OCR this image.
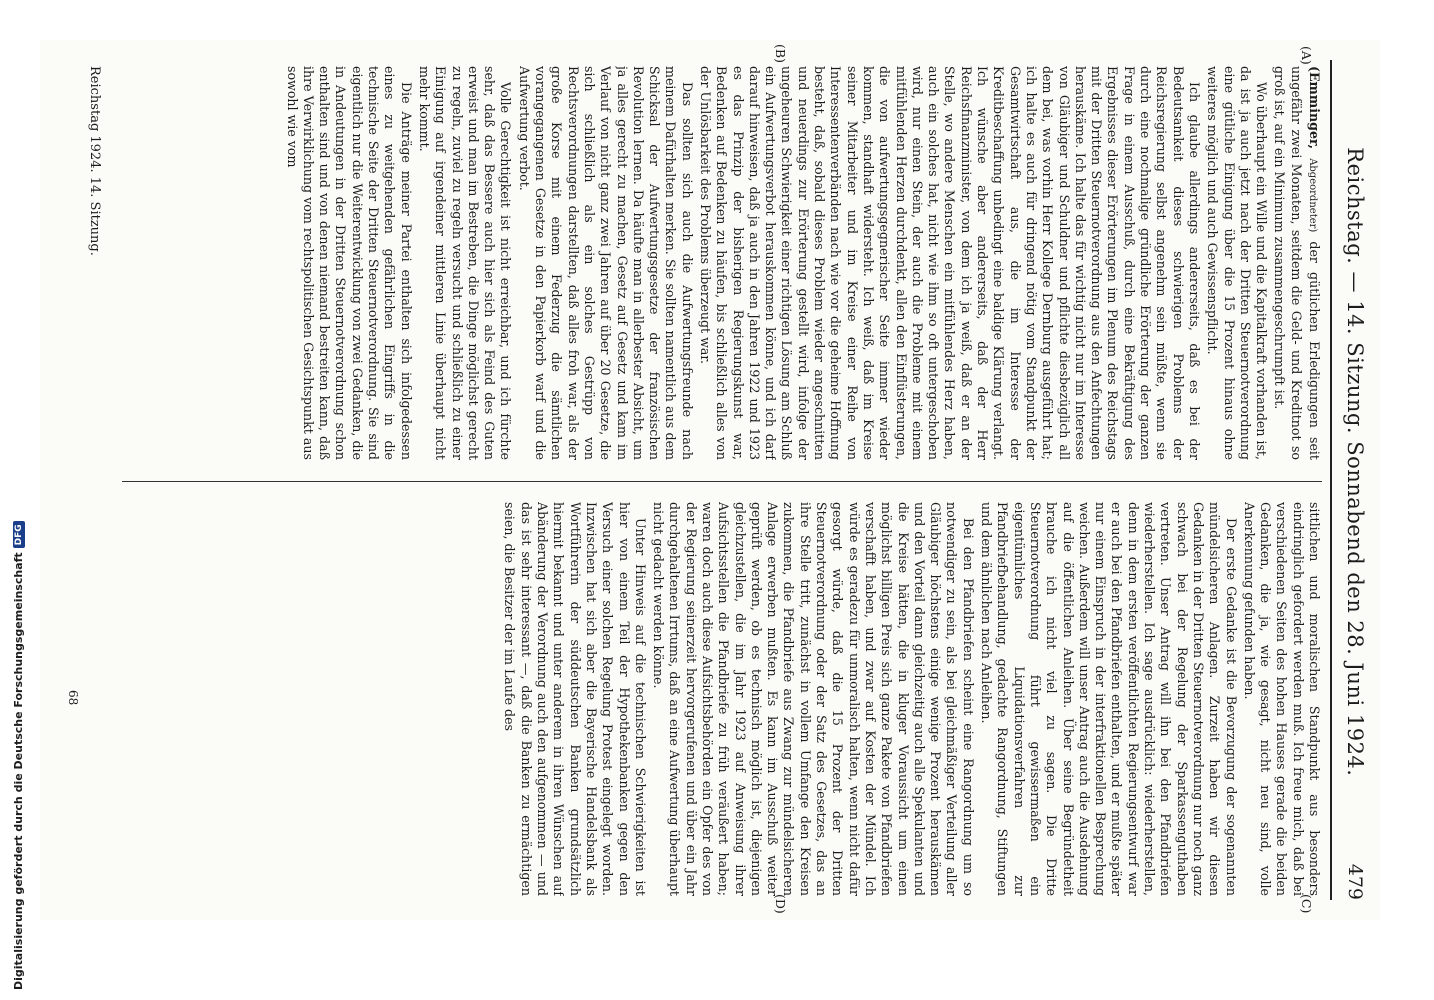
Reichstag. — 14. Sitzung. Sonnabend den 28. Juni 1924.
479
(A)
(B)
(C)
(D)

(Emminger, Abgeordneter) der gütlichen Erledigungen seit ungefähr zwei Monaten, seitdem die Geld- und Kreditnot so groß ist, auf ein Minimum zusammengeschrumpft ist.

Wo überhaupt ein Wille und die Kapitalkraft vorhanden ist, da ist ja auch jetzt nach der Dritten Steuernotverordnung eine gütliche Einigung über die 15 Prozent hinaus ohne weiteres möglich und auch Gewissenspflicht.

Ich glaube allerdings andererseits, daß es bei der Bedeutsamkeit dieses schwierigen Problems der Reichsregierung selbst angenehm sein müßte, wenn sie durch eine nochmalige gründliche Erörterung der ganzen Frage in einem Ausschuß, durch eine Bekräftigung des Ergebnisses dieser Erörterungen im Plenum des Reichstags mit der Dritten Steuernotverordnung aus den Anfechtungen herauskäme. Ich halte das für wichtig nicht nur im Interesse von Gläubiger und Schuldner und pflichte diesbezüglich all dem bei, was vorhin Herr Kollege Dernburg ausgeführt hat; ich halte es auch für dringend nötig vom Standpunkt der Gesamtwirtschaft aus, die im Interesse der Kreditbeschaffung unbedingt eine baldige Klärung verlangt. Ich wünsche aber andererseits, daß der Herr Reichsfinanzminister, von dem ich ja weiß, daß er an der Stelle, wo andere Menschen ein mitfühlendes Herz haben, auch ein solches hat, nicht wie ihm so oft untergeschoben wird, nur einen Stein, der auch die Probleme mit einem mitfühlenden Herzen durchdenkt, allen den Einflüsterungen, die von aufwertungsgegnerischer Seite immer wieder kommen, standhaft widersteht. Ich weiß, daß im Kreise seiner Mitarbeiter und im Kreise einer Reihe von Interessentenverbänden nach wie vor die geheime Hoffnung besteht, daß, sobald dieses Problem wieder angeschnitten und neuerdings zur Erörterung gestellt wird, infolge der ungeheuren Schwierigkeit einer richtigen Lösung am Schluß ein Aufwertungsverbot herauskommen könne, und ich darf darauf hinweisen, daß ja auch in den Jahren 1922 und 1923 es das Prinzip der bisherigen Regierungskunst war, Bedenken auf Bedenken zu häufen, bis schließlich alles von der Unlösbarkeit des Problems überzeugt war.

Das sollten sich auch die Aufwertungsfreunde nach meinem Dafürhalten merken. Sie sollten namentlich aus dem Schicksal der Aufwertungsgesetze der französischen Revolution lernen. Da häufte man in allerbester Absicht, um ja alles gerecht zu machen, Gesetz auf Gesetz und kam im Verlauf von nicht ganz zwei Jahren auf über 20 Gesetze, die sich schließlich als ein solches Gestrüpp von Rechtsverordnungen darstellten, daß alles froh war, als der große Korse mit einem Federzug die sämtlichen vorangegangenen Gesetze in den Papierkorb warf und die Aufwertung verbot.

Volle Gerechtigkeit ist nicht erreichbar, und ich fürchte sehr, daß das Bessere auch hier sich als Feind des Guten erweist und man im Bestreben, die Dinge möglichst gerecht zu regeln, zuviel zu regeln versucht und schließlich zu einer Einigung auf irgendeiner mittleren Linie überhaupt nicht mehr kommt.

Die Anträge meiner Partei enthalten sich infolgedessen eines zu weitgehenden gefährlichen Eingriffs in die technische Seite der Dritten Steuernotverordnung. Sie sind eigentlich nur die Weiterentwicklung von zwei Gedanken, die in Andeutungen in der Dritten Steuernotverordnung schon enthalten sind und von denen niemand bestreiten kann, daß ihre Verwirklichung vom rechtspolitischen Gesichtspunkt aus sowohl wie vom

sittlichen und moralischen Standpunkt aus besonders eindringlich gefordert werden muß. Ich freue mich, daß bei verschiedenen Seiten des hohen Hauses gerade die beiden Gedanken, die ja, wie gesagt, nicht neu sind, volle Anerkennung gefunden haben.

Der erste Gedanke ist die Bevorzugung der sogenannten mündelsicheren Anlagen. Zurzeit haben wir diesen Gedanken in der Dritten Steuernotverordnung nur noch ganz schwach bei der Regelung der Sparkassenguthaben vertreten. Unser Antrag will ihn bei den Pfandbriefen wiederherstellen. Ich sage ausdrücklich: wiederherstellen, denn in dem ersten veröffentlichten Regierungsentwurf war er auch bei den Pfandbriefen enthalten, und er mußte später nur einem Einspruch in der interfraktionellen Besprechung weichen. Außerdem will unser Antrag auch die Ausdehnung auf die öffentlichen Anleihen. Über seine Begründetheit brauche ich nicht viel zu sagen. Die Dritte Steuernotverordnung führt gewissermaßen ein eigentümliches Liquidationsverfahren zur Pfandbriefbehandlung, gedachte Rangordnung, Stiftungen und dem ähnlichen nach Anleihen.

Bei den Pfandbriefen scheint eine Rangordnung um so notwendiger zu sein, als bei gleichmäßiger Verteilung aller Gläubiger höchstens einige wenige Prozent herauskämen und den Vorteil dann gleichzeitig auch alle Spekulanten und die Kreise hätten, die in kluger Voraussicht um einen möglichst billigen Preis sich ganze Pakete von Pfandbriefen verschafft haben, und zwar auf Kosten der Mündel. Ich würde es geradezu für unmoralisch halten, wenn nicht dafür gesorgt würde, daß die 15 Prozent der Dritten Steuernotverordnung oder der Satz des Gesetzes, das an ihre Stelle tritt, zunächst in vollem Umfange den Kreisen zukommen, die Pfandbriefe aus Zwang zur mündelsicheren Anlage erwerben mußten. Es kann im Ausschuß weiter geprüft werden, ob es technisch möglich ist, diejenigen gleichzustellen, die im Jahr 1923 auf Anweisung ihrer Aufsichtsstellen die Pfandbriefe zu früh veräußert haben; waren doch auch diese Aufsichtsbehörden ein Opfer des von der Regierung seinerzeit hervorgerufenen und über ein Jahr durchgehaltenen Irrtums, daß an eine Aufwertung überhaupt nicht gedacht werden könne.

Unter Hinweis auf die technischen Schwierigkeiten ist hier von einem Teil der Hypothekenbanken gegen den Versuch einer solchen Regelung Protest eingelegt worden. Inzwischen hat sich aber die Bayerische Handelsbank als Wortführerin der süddeutschen Banken grundsätzlich hiermit bekannt und unter anderem in ihren Wünschen auf Abänderung der Verordnung auch den aufgenommen — und das ist sehr interessant —, daß die Banken zu ermächtigen seien, die Besitzer der im Laufe des

Reichstag 1924. 14. Sitzung.
68
Digitalisierung gefördert durch die Deutsche Forschungsgemeinschaft
DFG
